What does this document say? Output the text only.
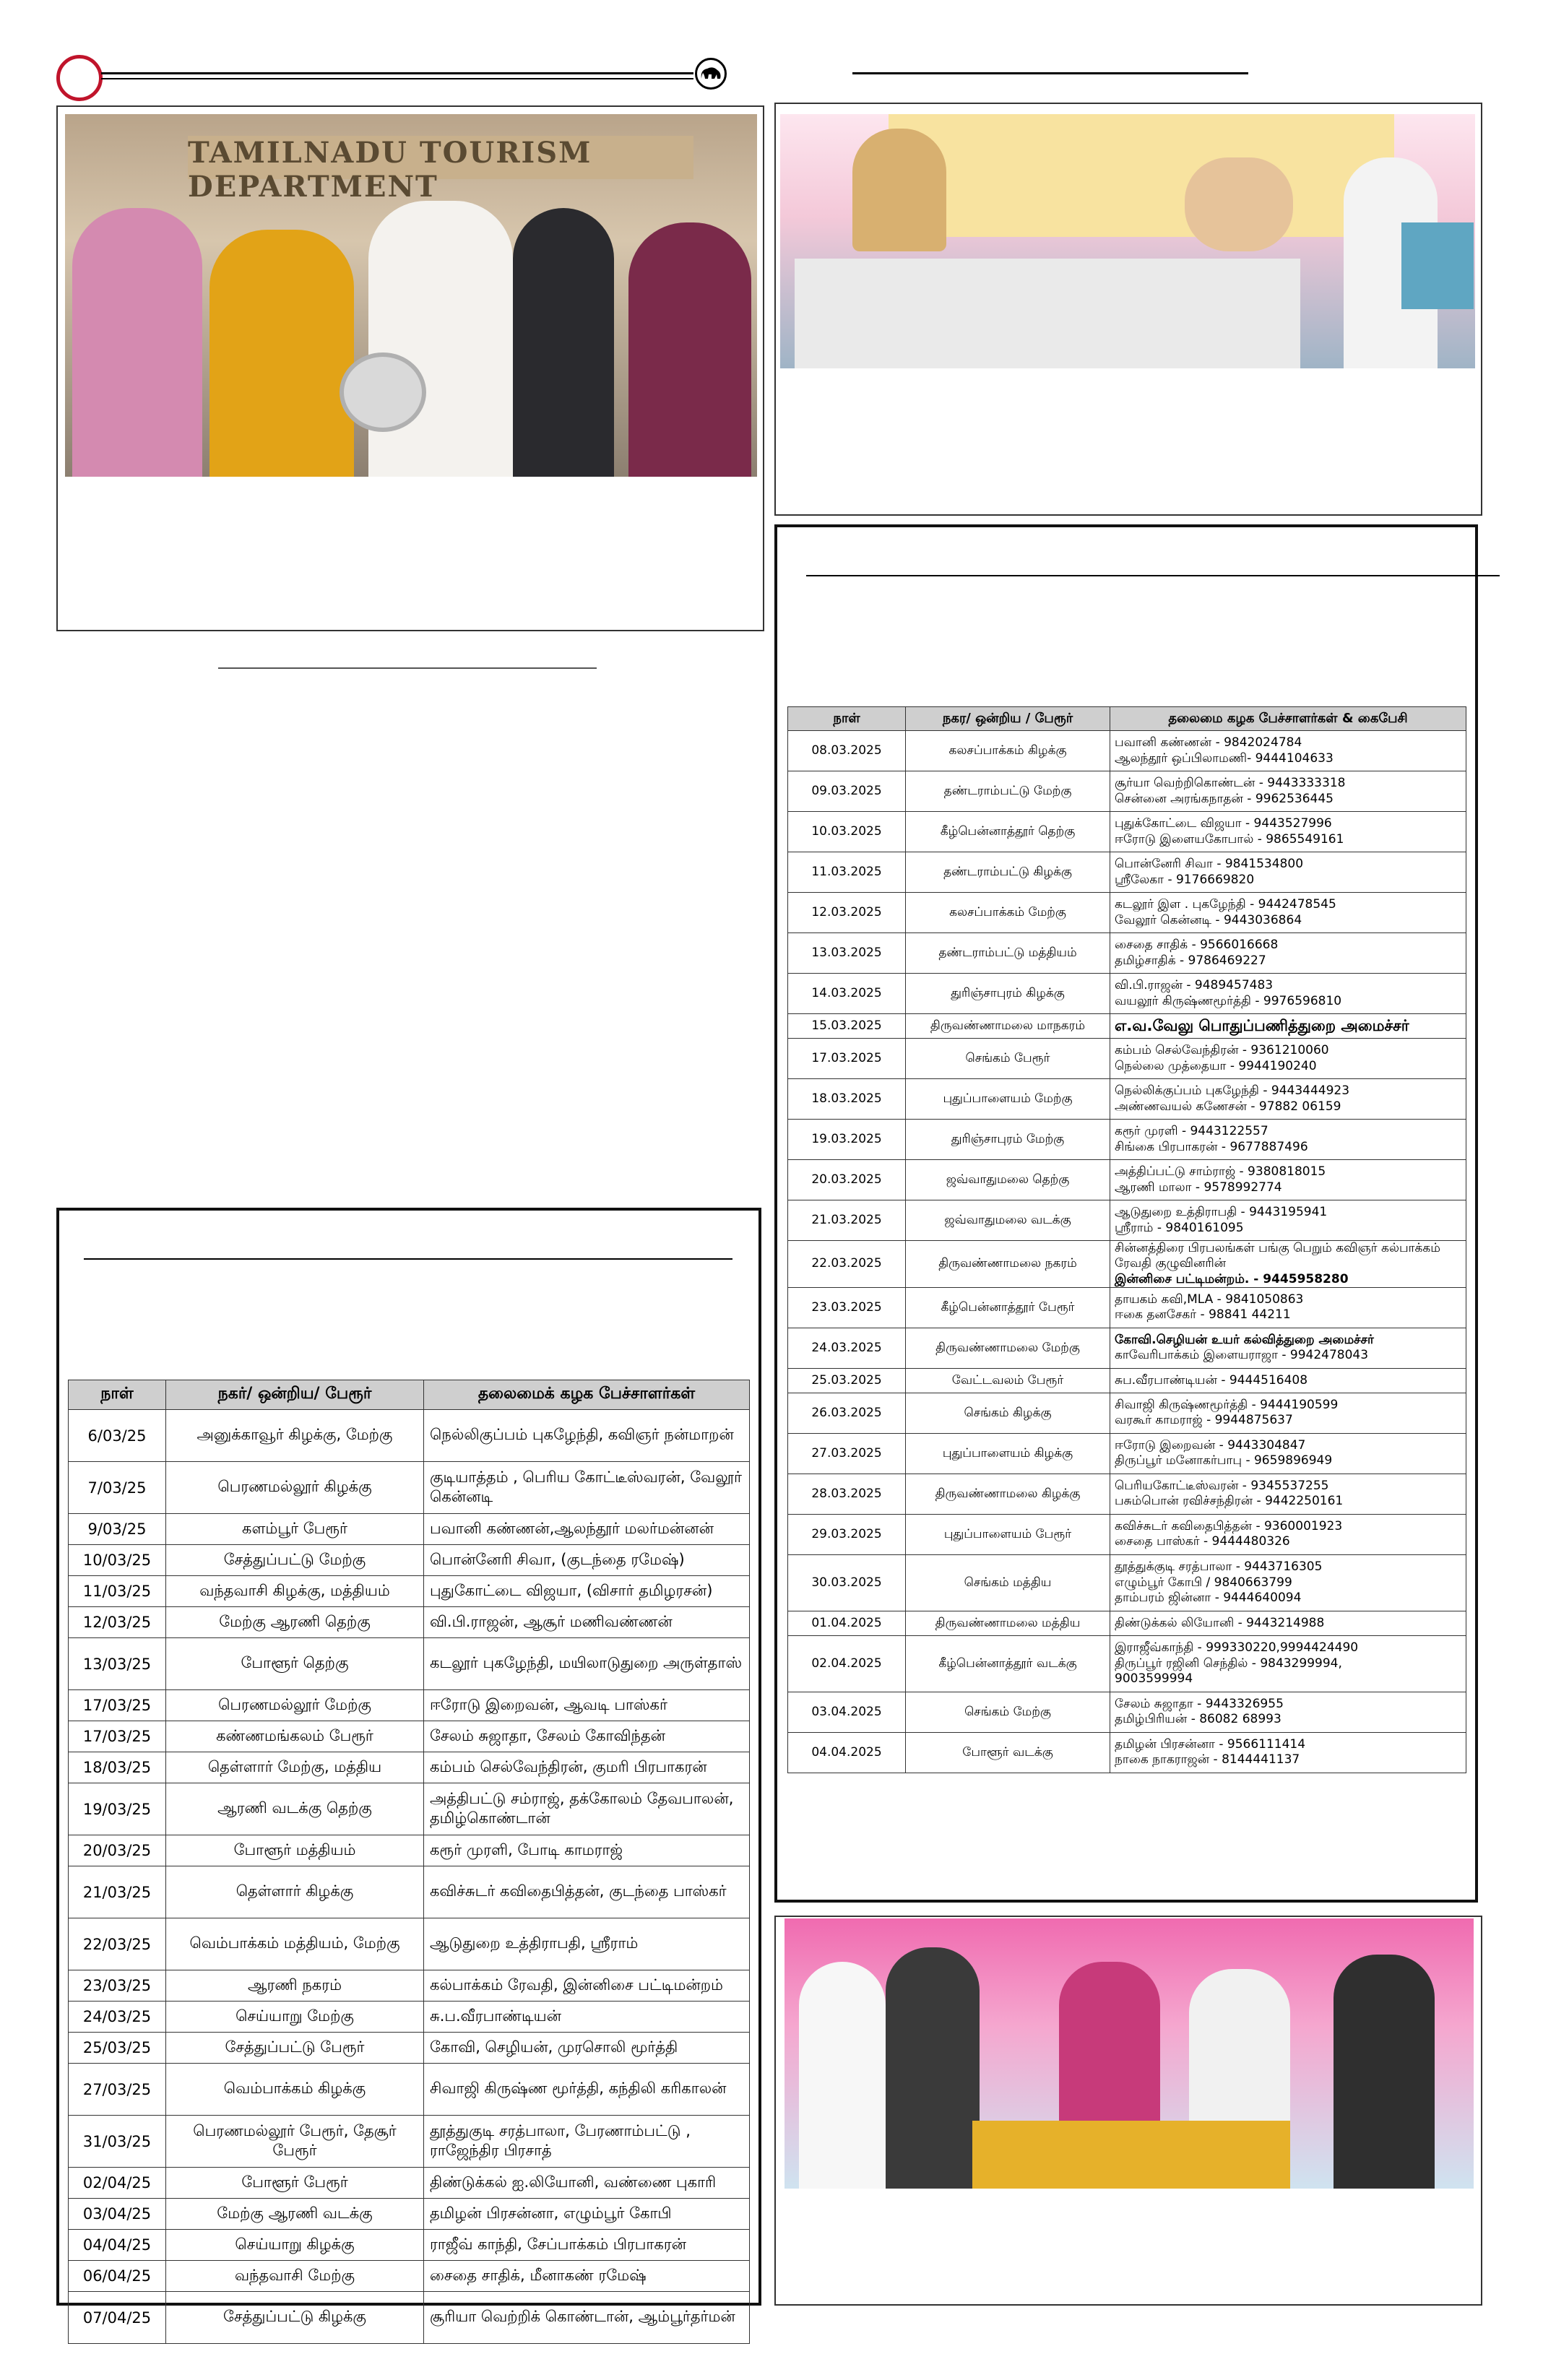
TAMILNADU TOURISM DEPARTMENT
நாள்	நகர/ ஒன்றிய / பேரூர்	தலைமை கழக பேச்சாளர்கள் & கைபேசி
08.03.2025	கலசப்பாக்கம் கிழக்கு	பவானி கண்ணன் - 9842024784
ஆலந்தூர் ஒப்பிலாமணி- 9444104633

09.03.2025	தண்டராம்பட்டு மேற்கு	சூர்யா வெற்றிகொண்டன் - 9443333318
சென்னை அரங்கநாதன் - 9962536445

10.03.2025	கீழ்பென்னாத்தூர் தெற்கு	புதுக்கோட்டை விஜயா - 9443527996
ஈரோடு இளையகோபால் - 9865549161

11.03.2025	தண்டராம்பட்டு கிழக்கு	பொன்னேரி சிவா - 9841534800
ஸ்ரீலேகா - 9176669820

12.03.2025	கலசப்பாக்கம் மேற்கு	கடலூர் இள . புகழேந்தி - 9442478545
வேலூர் கென்னடி - 9443036864

13.03.2025	தண்டராம்பட்டு மத்தியம்	சைதை சாதிக் - 9566016668
தமிழ்சாதிக் - 9786469227

14.03.2025	துரிஞ்சாபுரம் கிழக்கு	வி.பி.ராஜன் - 9489457483
வயலூர் கிருஷ்ணமூர்த்தி - 9976596810

15.03.2025	திருவண்ணாமலை மாநகரம்	எ.வ.வேலு பொதுப்பணித்துறை அமைச்சர்

17.03.2025	செங்கம் பேரூர்	கம்பம் செல்வேந்திரன் - 9361210060
நெல்லை முத்தையா - 9944190240

18.03.2025	புதுப்பாளையம் மேற்கு	நெல்லிக்குப்பம் புகழேந்தி - 9443444923
அண்ணவயல் கணேசன் - 97882 06159

19.03.2025	துரிஞ்சாபுரம் மேற்கு	கரூர் முரளி - 9443122557
சிங்கை பிரபாகரன் - 9677887496

20.03.2025	ஜவ்வாதுமலை தெற்கு	அத்திப்பட்டு சாம்ராஜ் - 9380818015
ஆரணி மாலா - 9578992774

21.03.2025	ஜவ்வாதுமலை வடக்கு	ஆடுதுறை உத்திராபதி - 9443195941
ஸ்ரீராம் - 9840161095

22.03.2025	திருவண்ணாமலை நகரம்	சின்னத்திரை பிரபலங்கள் பங்கு பெறும் கவிஞர் கல்பாக்கம் ரேவதி குழுவினரின்
இன்னிசை பட்டிமன்றம். - 9445958280

23.03.2025	கீழ்பென்னாத்தூர் பேரூர்	தாயகம் கவி,MLA - 9841050863
ஈகை தனசேகர் - 98841 44211

24.03.2025	திருவண்ணாமலை மேற்கு	கோவி.செழியன் உயர் கல்வித்துறை அமைச்சர்
காவேரிபாக்கம் இளையராஜா - 9942478043

25.03.2025	வேட்டவலம் பேரூர்	சுப.வீரபாண்டியன் - 9444516408

26.03.2025	செங்கம் கிழக்கு	சிவாஜி கிருஷ்ணமூர்த்தி - 9444190599
வரகூர் காமராஜ் - 9944875637

27.03.2025	புதுப்பாளையம் கிழக்கு	ஈரோடு இறைவன் - 9443304847
திருப்பூர் மனோகர்பாபு - 9659896949

28.03.2025	திருவண்ணாமலை கிழக்கு	பெரியகோட்டீஸ்வரன் - 9345537255
பசும்பொன் ரவிச்சந்திரன் - 9442250161

29.03.2025	புதுப்பாளையம் பேரூர்	கவிச்சுடர் கவிதைபித்தன் - 9360001923
சைதை பாஸ்கர் - 9444480326

30.03.2025	செங்கம் மத்திய	தூத்துக்குடி சரத்பாலா - 9443716305
எழும்பூர் கோபி / 9840663799
தாம்பரம் ஜின்னா - 9444640094

01.04.2025	திருவண்ணாமலை மத்திய	திண்டுக்கல் லியோனி - 9443214988

02.04.2025	கீழ்பென்னாத்தூர் வடக்கு	இராஜீவ்காந்தி - 999330220,9994424490
திருப்பூர் ரஜினி செந்தில் - 9843299994,
9003599994

03.04.2025	செங்கம் மேற்கு	சேலம் சுஜாதா - 9443326955
தமிழ்பிரியன் - 86082 68993

04.04.2025	போளூர் வடக்கு	தமிழன் பிரசன்னா - 9566111414
நாகை நாகராஜன் - 8144441137
நாள்	நகர்/ ஒன்றிய/ பேரூர்	தலைமைக் கழக பேச்சாளர்கள்
6/03/25	அனுக்காவூர் கிழக்கு, மேற்கு	நெல்லிகுப்பம் புகழேந்தி, கவிஞர் நன்மாறன்
7/03/25	பெரணமல்லூர் கிழக்கு	குடியாத்தம் , பெரிய கோட்டீஸ்வரன், வேலூர் கென்னடி
9/03/25	களம்பூர் பேரூர்	பவானி கண்ணன்,ஆலந்தூர் மலர்மன்னன்
10/03/25	சேத்துப்பட்டு மேற்கு	பொன்னேரி சிவா, (குடந்தை ரமேஷ்)
11/03/25	வந்தவாசி கிழக்கு, மத்தியம்	புதுகோட்டை விஜயா, (விசார் தமிழரசன்)
12/03/25	மேற்கு ஆரணி தெற்கு	வி.பி.ராஜன், ஆசூர் மணிவண்ணன்
13/03/25	போளூர் தெற்கு	கடலூர் புகழேந்தி, மயிலாடுதுறை அருள்தாஸ்
17/03/25	பெரணமல்லூர் மேற்கு	ஈரோடு இறைவன், ஆவடி பாஸ்கர்
17/03/25	கண்ணமங்கலம் பேரூர்	சேலம் சுஜாதா, சேலம் கோவிந்தன்
18/03/25	தெள்ளார் மேற்கு, மத்திய	கம்பம் செல்வேந்திரன், குமரி பிரபாகரன்
19/03/25	ஆரணி வடக்கு தெற்கு	அத்திபட்டு சம்ராஜ், தக்கோலம் தேவபாலன், தமிழ்கொண்டான்
20/03/25	போளூர் மத்தியம்	கரூர் முரளி, போடி காமராஜ்
21/03/25	தெள்ளார் கிழக்கு	கவிச்சுடர் கவிதைபித்தன், குடந்தை பாஸ்கர்
22/03/25	வெம்பாக்கம் மத்தியம், மேற்கு	ஆடுதுறை உத்திராபதி, ஸ்ரீராம்
23/03/25	ஆரணி நகரம்	கல்பாக்கம் ரேவதி, இன்னிசை பட்டிமன்றம்
24/03/25	செய்யாறு மேற்கு	சு.ப.வீரபாண்டியன்
25/03/25	சேத்துப்பட்டு பேரூர்	கோவி, செழியன், முரசொலி மூர்த்தி
27/03/25	வெம்பாக்கம் கிழக்கு	சிவாஜி கிருஷ்ண மூர்த்தி, கந்திலி கரிகாலன்
31/03/25	பெரணமல்லூர் பேரூர், தேசூர் பேரூர்	தூத்துகுடி சரத்பாலா, பேரணாம்பட்டு , ராஜேந்திர பிரசாத்
02/04/25	போளூர் பேரூர்	திண்டுக்கல் ஐ.லியோனி, வண்ணை புகாரி
03/04/25	மேற்கு ஆரணி வடக்கு	தமிழன் பிரசன்னா, எழும்பூர் கோபி
04/04/25	செய்யாறு கிழக்கு	ராஜீவ் காந்தி, சேப்பாக்கம் பிரபாகரன்
06/04/25	வந்தவாசி மேற்கு	சைதை சாதிக், மீனாகண் ரமேஷ்
07/04/25	சேத்துப்பட்டு கிழக்கு	சூரியா வெற்றிக் கொண்டான், ஆம்பூர்தர்மன்
